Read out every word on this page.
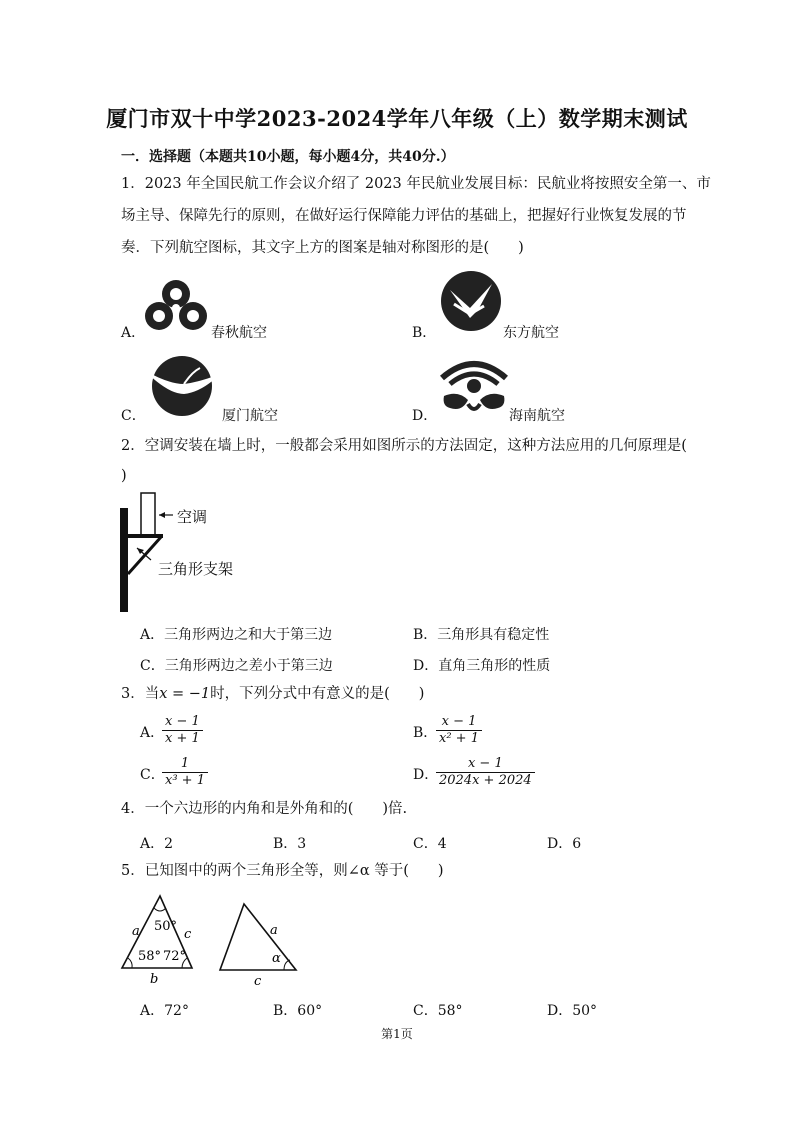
厦门市双十中学2023-2024学年八年级（上）数学期末测试
一．选择题（本题共10小题，每小题4分，共40分.）
1．2023 年全国民航工作会议介绍了 2023 年民航业发展目标：民航业将按照安全第一、市
场主导、保障先行的原则，在做好运行保障能力评估的基础上，把握好行业恢复发展的节
奏．下列航空图标，其文字上方的图案是轴对称图形的是(　　)
A．	春秋航空	B．	东方航空
C．	厦门航空	D．	海南航空
2．空调安装在墙上时，一般都会采用如图所示的方法固定，这种方法应用的几何原理是(
)
空调
三角形支架
A．三角形两边之和大于第三边	B．三角形具有稳定性
C．三角形两边之差小于第三边	D．直角三角形的性质
3．当x = −1时，下列分式中有意义的是(　　)
A．
$\frac{x - 1}{x + 1}$	B．
$\frac{x - 1}{\text{x² + 1}}$
C．
$\frac{1}{\text{x³ + 1}}$	D．
$\frac{x - 1}{2024x + 2024}$
4．一个六边形的内角和是外角和的(　　)倍.
A．2	B．3	C．4	D．6
5．已知图中的两个三角形全等，则∠α 等于(　　)
50°
58° 72°
a	c
b
a
α
c
A．72°	B．60°	C．58°	D．50°
第1页
